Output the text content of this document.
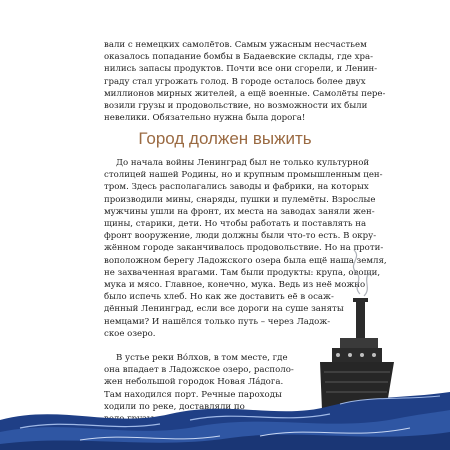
вали с немецких самолётов. Самым ужасным несчастьем
оказалось попадание бомбы в Бадаевские склады, где хра-
нились запасы продуктов. Почти все они сгорели, и Ленин-
граду стал угрожать голод. В городе осталось более двух
миллионов мирных жителей, а ещё военные. Самолёты пере-
возили грузы и продовольствие, но возможности их были
невелики. Обязательно нужна была дорога!

Город должен выжить

До начала войны Ленинград был не только культурной
столицей нашей Родины, но и крупным промышленным цен-
тром. Здесь располагались заводы и фабрики, на которых
производили мины, снаряды, пушки и пулемёты. Взрослые
мужчины ушли на фронт, их места на заводах заняли жен-
щины, старики, дети. Но чтобы работать и поставлять на
фронт вооружение, люди должны были что-то есть. В окру-
жённом городе заканчивалось продовольствие. Но на проти-
воположном берегу Ладожского озера была ещё наша земля,
не захваченная врагами. Там были продукты: крупа, овощи,
мука и мясо. Главное, конечно, мука. Ведь из неё можно
было испечь хлеб. Но как же доставить её в осаж-
дённый Ленинград, если все дороги на суше заняты
немцами? И нашёлся только путь – через Ладож-
ское озеро.

В устье реки Вóлхов, в том месте, где
она впадает в Ладожское озеро, располо-
жен небольшой городок Новая Лáдога.
Там находился порт. Речные пароходы
ходили по реке, доставляли по
